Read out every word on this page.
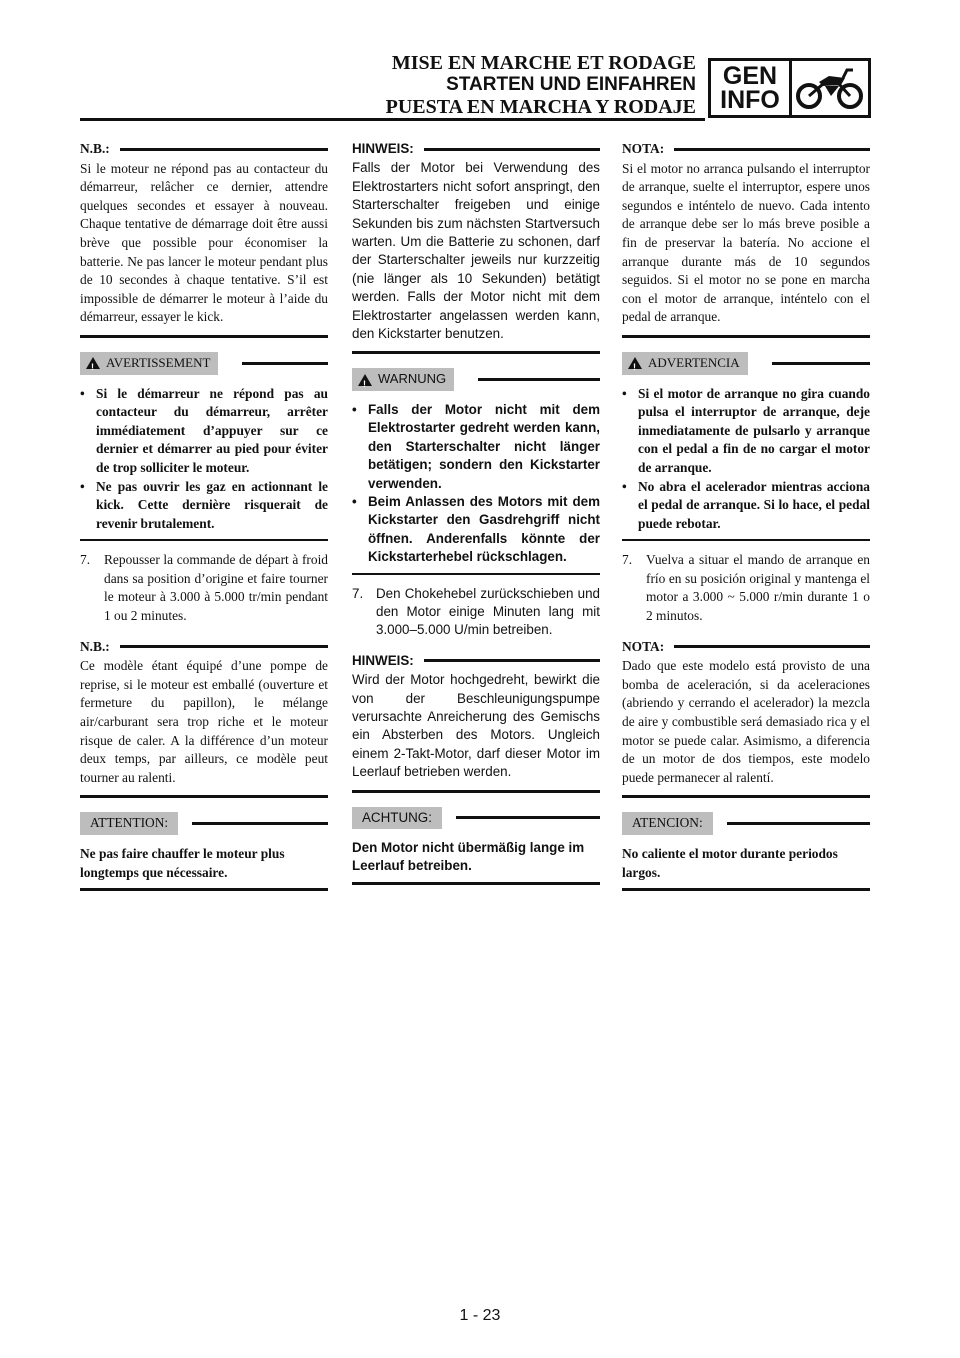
MISE EN MARCHE ET RODAGE
STARTEN UND EINFAHREN
PUESTA EN MARCHA Y RODAJE
GEN
INFO
N.B.:

Si le moteur ne répond pas au contacteur du démarreur, relâcher ce dernier, attendre quelques secondes et essayer à nouveau. Chaque tentative de démarrage doit être aussi brève que possible pour économiser la batterie. Ne pas lancer le moteur pendant plus de 10 secondes à chaque tentative. S’il est impossible de démarrer le moteur à l’aide du démarreur, essayer le kick.

!
AVERTISSEMENT
• Si le démarreur ne répond pas au contacteur du démarreur, arrêter immédiatement d’appuyer sur ce dernier et démarrer au pied pour éviter de trop solliciter le moteur.
• Ne pas ouvrir les gaz en actionnant le kick. Cette dernière risquerait de revenir brutalement.
7.	Repousser la commande de départ à froid dans sa position d’origine et faire tourner le moteur à 3.000 à 5.000 tr/min pendant 1 ou 2 minutes.
N.B.:

Ce modèle étant équipé d’une pompe de reprise, si le moteur est emballé (ouverture et fermeture du papillon), le mélange air/carburant sera trop riche et le moteur risque de caler. A la différence d’un moteur deux temps, par ailleurs, ce modèle peut tourner au ralenti.

ATTENTION:

Ne pas faire chauffer le moteur plus longtemps que nécessaire.

HINWEIS:

Falls der Motor bei Verwendung des Elektrostarters nicht sofort anspringt, den Starterschalter freigeben und einige Sekunden bis zum nächsten Startversuch warten. Um die Batterie zu schonen, darf der Starterschalter jeweils nur kurzzeitig (nie länger als 10 Sekunden) betätigt werden. Falls der Motor nicht mit dem Elektrostarter angelassen werden kann, den Kickstarter benutzen.

!
WARNUNG
• Falls der Motor nicht mit dem Elektrostarter gedreht werden kann, den Starterschalter nicht länger betätigen; sondern den Kickstarter verwenden.
• Beim Anlassen des Motors mit dem Kickstarter den Gasdrehgriff nicht öffnen. Anderenfalls könnte der Kickstarterhebel rückschlagen.
7. Den Chokehebel zurückschieben und den Motor einige Minuten lang mit 3.000–5.000 U/min betreiben.
HINWEIS:

Wird der Motor hochgedreht, bewirkt die von der Beschleunigungspumpe verursachte Anreicherung des Gemischs ein Absterben des Motors. Ungleich einem 2-Takt-Motor, darf dieser Motor im Leerlauf betrieben werden.

ACHTUNG:

Den Motor nicht übermäßig lange im Leerlauf betreiben.

NOTA:

Si el motor no arranca pulsando el interruptor de arranque, suelte el interruptor, espere unos segundos e inténtelo de nuevo. Cada intento de arranque debe ser lo más breve posible a fin de preservar la batería. No accione el arranque durante más de 10 segundos seguidos. Si el motor no se pone en marcha con el motor de arranque, inténtelo con el pedal de arranque.

!
ADVERTENCIA
• Si el motor de arranque no gira cuando pulsa el interruptor de arranque, deje inmediatamente de pulsarlo y arranque con el pedal a fin de no cargar el motor de arranque.
• No abra el acelerador mientras acciona el pedal de arranque. Si lo hace, el pedal puede rebotar.
7.	Vuelva a situar el mando de arranque en frío en su posición original y mantenga el motor a 3.000 ~ 5.000 r/min durante 1 o 2 minutos.
NOTA:

Dado que este modelo está provisto de una bomba de aceleración, si da aceleraciones (abriendo y cerrando el acelerador) la mezcla de aire y combustible será demasiado rica y el motor se puede calar. Asimismo, a diferencia de un motor de dos tiempos, este modelo puede permanecer al ralentí.

ATENCION:

No caliente el motor durante periodos largos.

1 - 23
